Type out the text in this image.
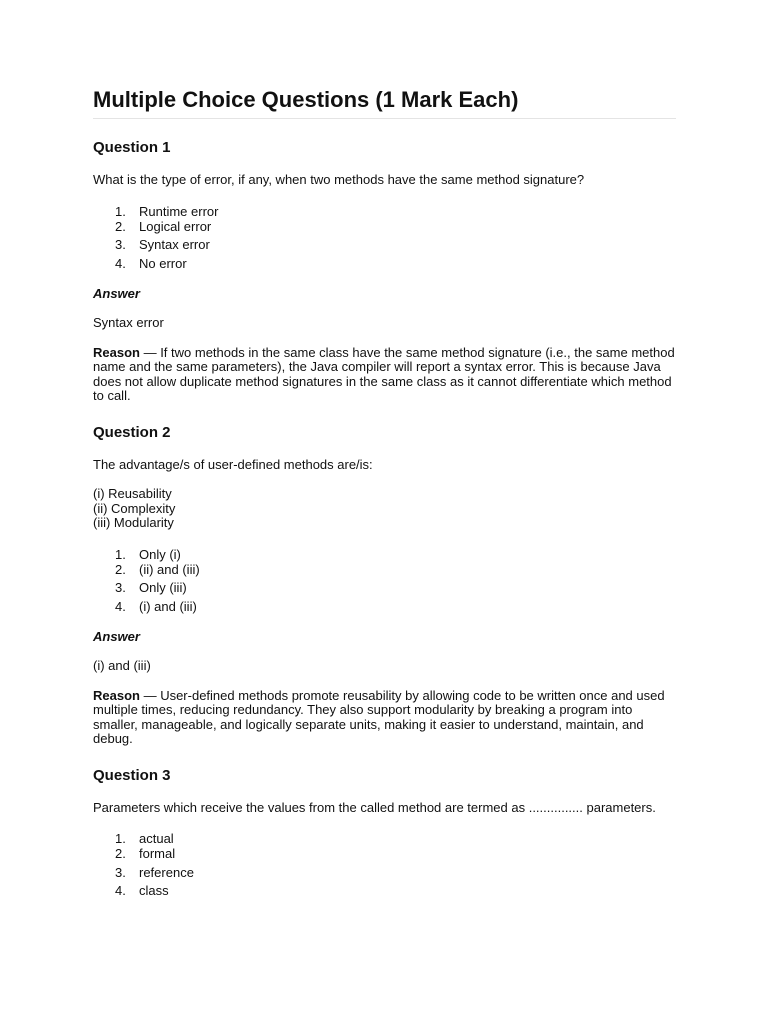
Multiple Choice Questions (1 Mark Each)
Question 1

What is the type of error, if any, when two methods have the same method signature?

1. Runtime error
2. Logical error
3. Syntax error
4. No error

Answer

Syntax error

Reason — If two methods in the same class have the same method signature (i.e., the same method name and the same parameters), the Java compiler will report a syntax error. This is because Java does not allow duplicate method signatures in the same class as it cannot differentiate which method to call.

Question 2

The advantage/s of user-defined methods are/is:

(i) Reusability

(ii) Complexity

(iii) Modularity

1. Only (i)
2. (ii) and (iii)
3. Only (iii)
4. (i) and (iii)

Answer

(i) and (iii)

Reason — User-defined methods promote reusability by allowing code to be written once and used multiple times, reducing redundancy. They also support modularity by breaking a program into smaller, manageable, and logically separate units, making it easier to understand, maintain, and debug.

Question 3

Parameters which receive the values from the called method are termed as ............... parameters.

1. actual
2. formal
3. reference
4. class
